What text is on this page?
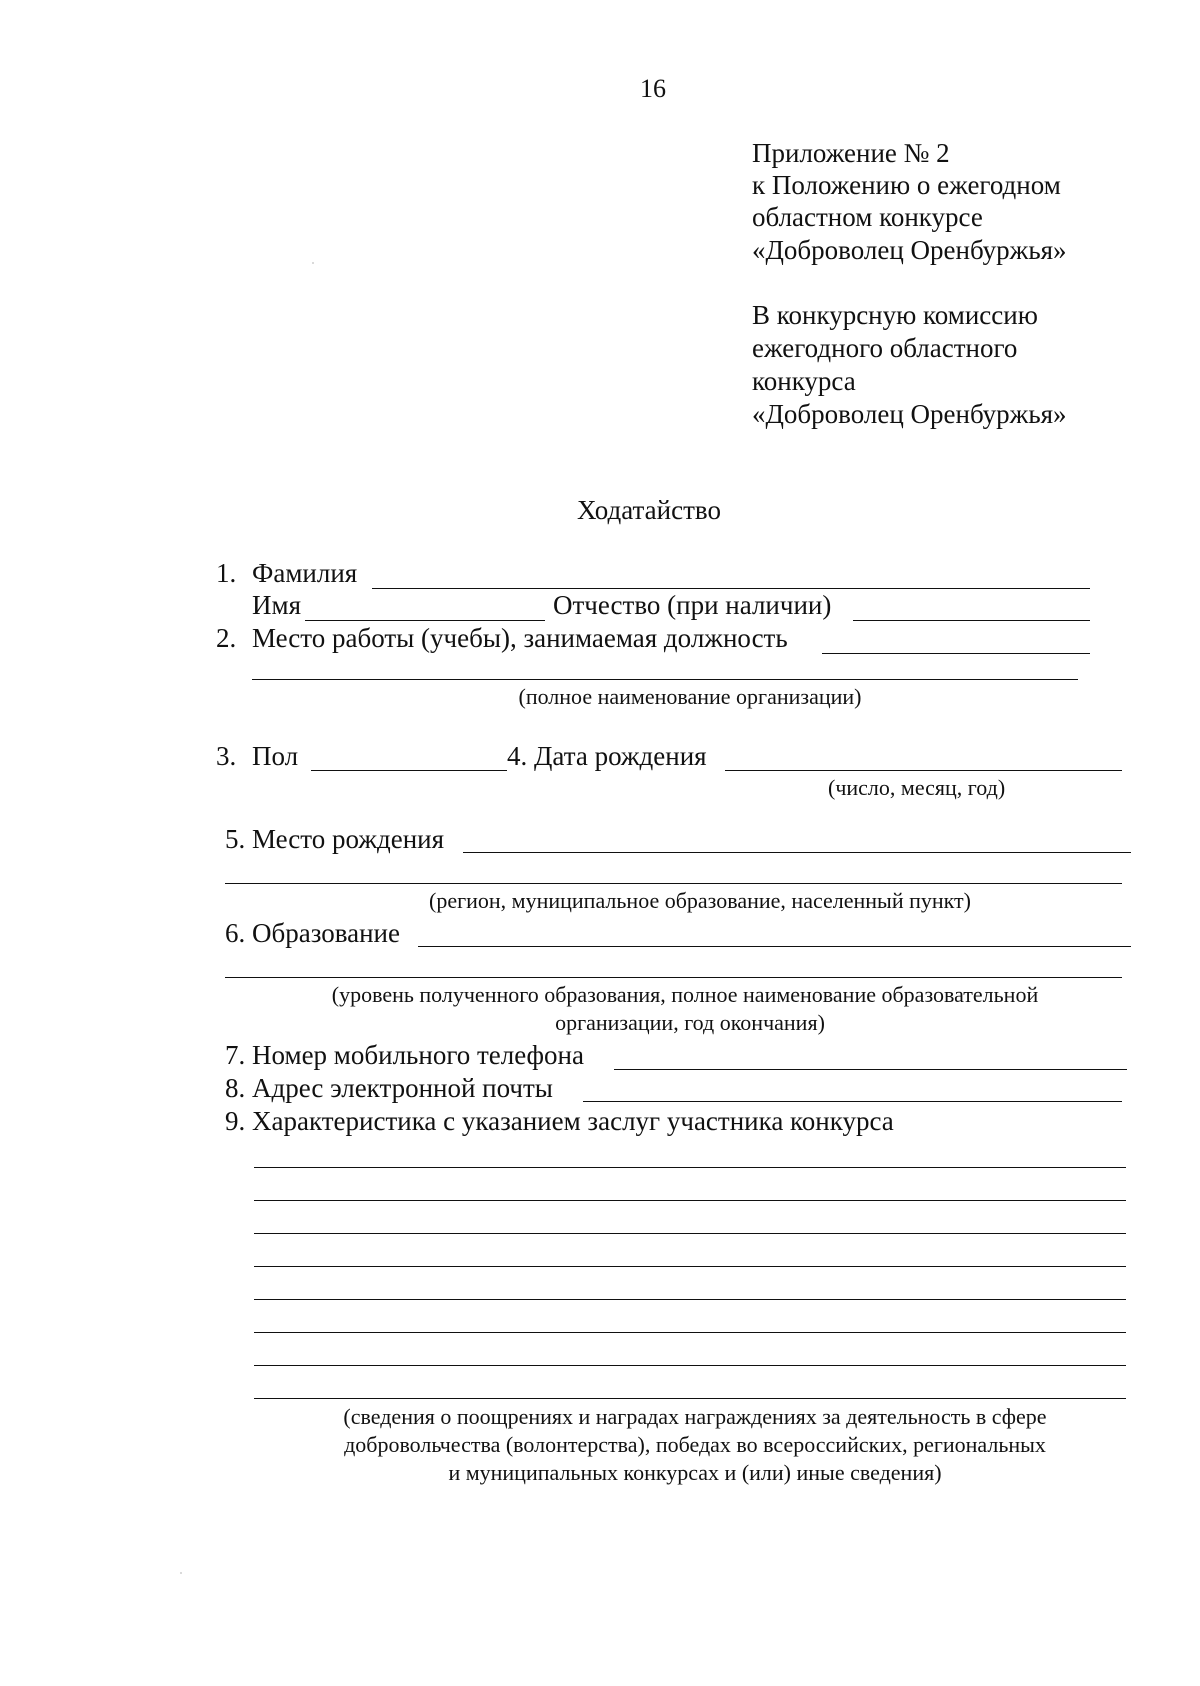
16
Приложение № 2
к Положению о ежегодном
областном конкурсе
«Доброволец Оренбуржья»
В конкурсную комиссию
ежегодного областного
конкурса
«Доброволец Оренбуржья»
Ходатайство
1. Фамилия
Имя	Отчество (при наличии)
2. Место работы (учебы), занимаемая должность
(полное наименование организации)
3. Пол	4. Дата рождения
(число, месяц, год)
5. Место рождения
(регион, муниципальное образование, населенный пункт)
6. Образование
(уровень полученного образования, полное наименование образовательной
организации, год окончания)
7. Номер мобильного телефона
8. Адрес электронной почты
9. Характеристика с указанием заслуг участника конкурса
(сведения о поощрениях и наградах награждениях за деятельность в сфере
добровольчества (волонтерства), победах во всероссийских, региональных
и муниципальных конкурсах и (или) иные сведения)
